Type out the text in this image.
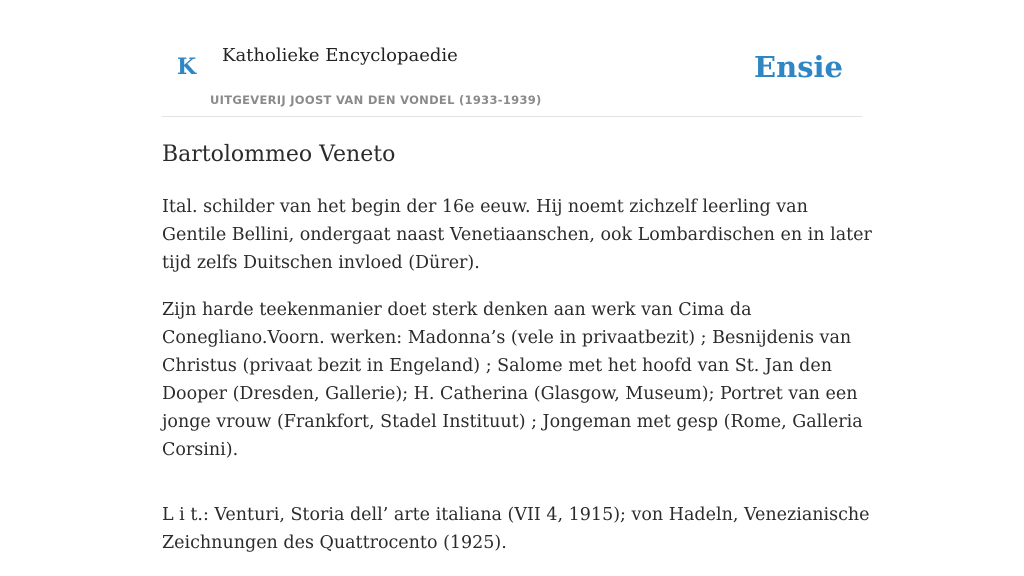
K Katholieke Encyclopaedie
UITGEVERIJ JOOST VAN DEN VONDEL (1933-1939)
Ensie
Bartolommeo Veneto

Ital. schilder van het begin der 16e eeuw. Hij noemt zichzelf leerling van Gentile Bellini, ondergaat naast Venetiaanschen, ook Lombardischen en in later tijd zelfs Duitschen invloed (Dürer).

Zijn harde teekenmanier doet sterk denken aan werk van Cima da Conegliano.Voorn. werken: Madonna’s (vele in privaatbezit) ; Besnijdenis van Christus (privaat bezit in Engeland) ; Salome met het hoofd van St. Jan den Dooper (Dresden, Gallerie); H. Catherina (Glasgow, Museum); Portret van een jonge vrouw (Frankfort, Stadel Instituut) ; Jongeman met gesp (Rome, Galleria Corsini).

L i t.: Venturi, Storia dell’ arte italiana (VII 4, 1915); von Hadeln, Venezianische Zeichnungen des Quattrocento (1925).
